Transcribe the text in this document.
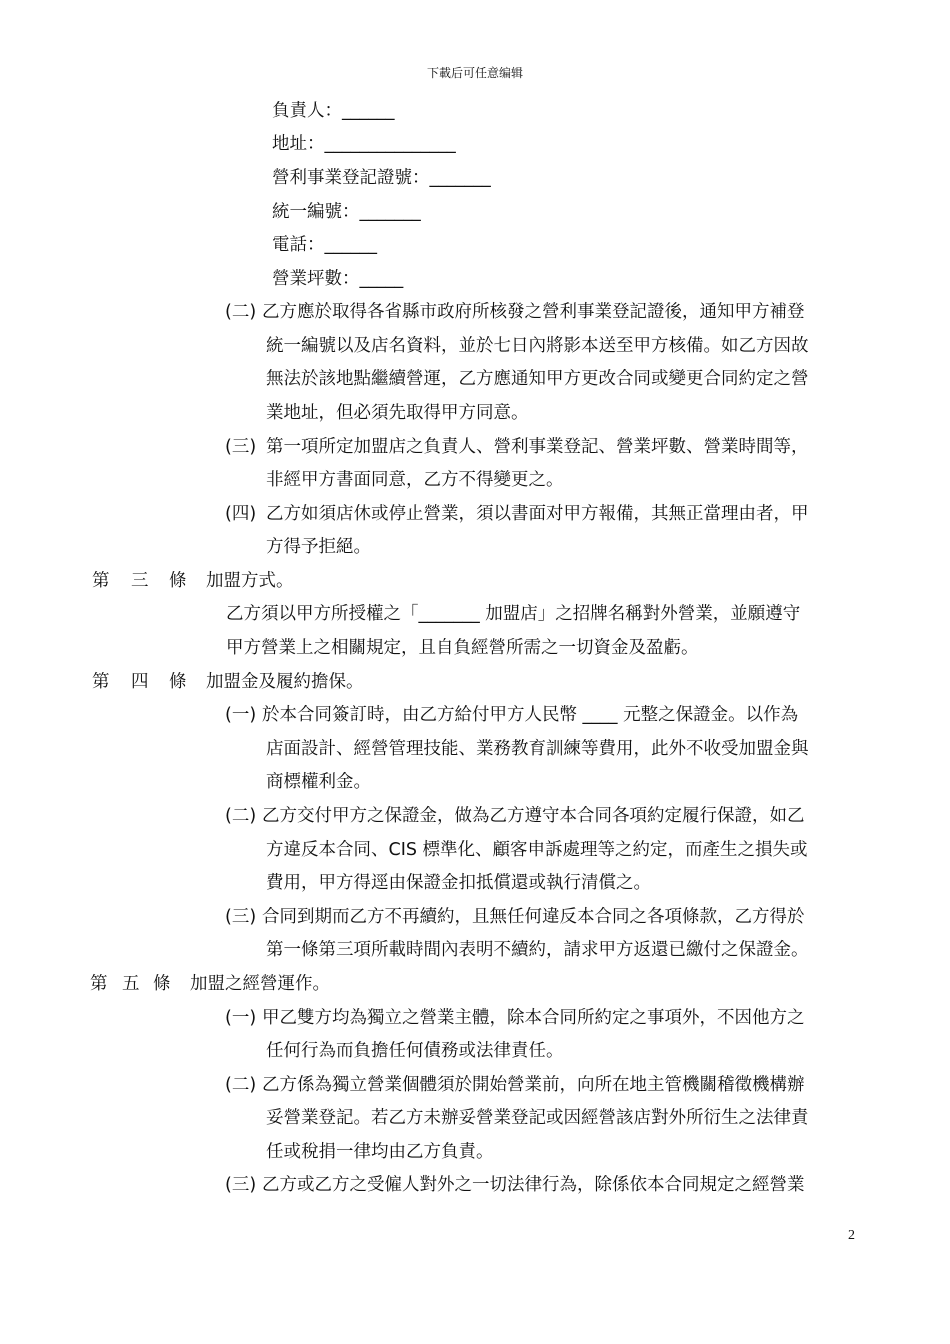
下載后可任意编辑
負責人：______
地址：_______________
營利事業登記證號：_______
統一編號：_______
電話：______
營業坪數：_____
(二) 乙方應於取得各省縣市政府所核發之營利事業登記證後，通知甲方補登
統一編號以及店名資料，並於七日內將影本送至甲方核備。如乙方因故
無法於該地點繼續營運，乙方應通知甲方更改合同或變更合同約定之營
業地址，但必須先取得甲方同意。
(三) 第一項所定加盟店之負責人、營利事業登記、營業坪數、營業時間等，
非經甲方書面同意，乙方不得變更之。
(四) 乙方如須店休或停止營業，須以書面对甲方報備，其無正當理由者，甲
方得予拒絕。
第 三 條 加盟方式。
乙方須以甲方所授權之「_______ 加盟店」之招牌名稱對外營業，並願遵守
甲方營業上之相關規定，且自負經營所需之一切資金及盈虧。
第 四 條 加盟金及履約擔保。
(一) 於本合同簽訂時，由乙方給付甲方人民幣 ____ 元整之保證金。以作為
店面設計、經營管理技能、業務教育訓練等費用，此外不收受加盟金與
商標權利金。
(二) 乙方交付甲方之保證金，做為乙方遵守本合同各項約定履行保證，如乙
方違反本合同、CIS 標準化、顧客申訴處理等之約定，而產生之損失或
費用，甲方得逕由保證金扣抵償還或執行清償之。
(三) 合同到期而乙方不再續約，且無任何違反本合同之各項條款，乙方得於
第一條第三項所載時間內表明不續約，請求甲方返還已繳付之保證金。
第 五 條 加盟之經營運作。
(一) 甲乙雙方均為獨立之營業主體，除本合同所約定之事項外，不因他方之
任何行為而負擔任何債務或法律責任。
(二) 乙方係為獨立營業個體須於開始營業前，向所在地主管機關稽徵機構辦
妥營業登記。若乙方未辦妥營業登記或因經營該店對外所衍生之法律責
任或稅捐一律均由乙方負責。
(三) 乙方或乙方之受僱人對外之一切法律行為，除係依本合同規定之經營業
2
